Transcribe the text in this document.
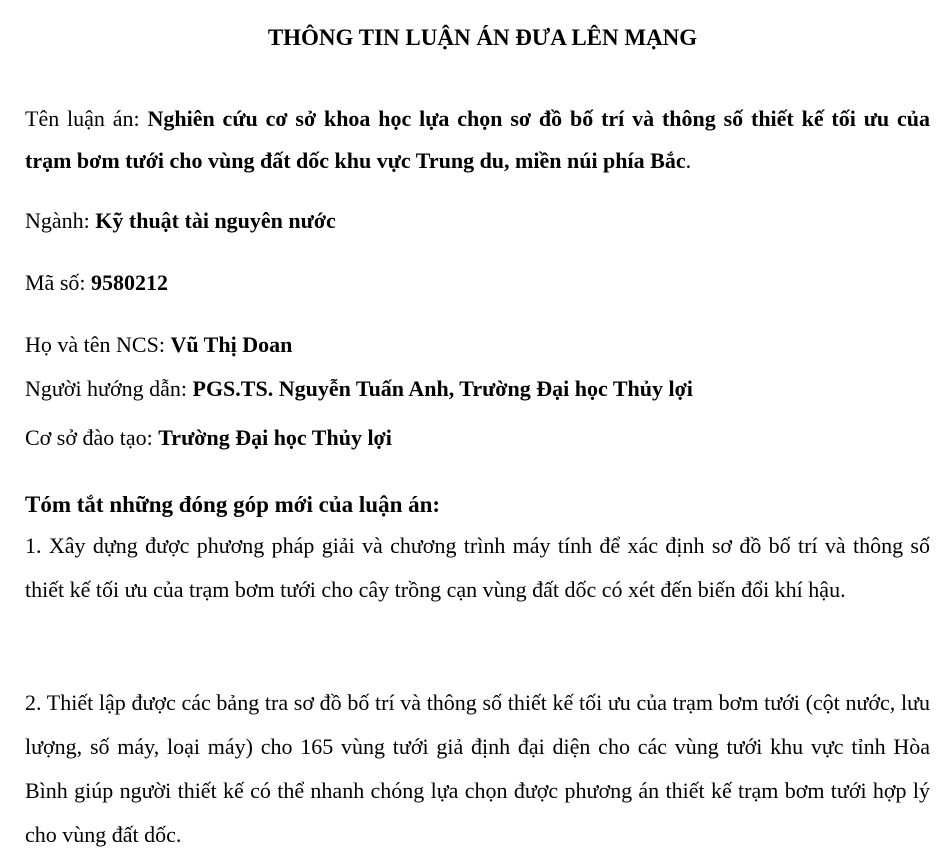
THÔNG TIN LUẬN ÁN ĐƯA LÊN MẠNG

Tên luận án: Nghiên cứu cơ sở khoa học lựa chọn sơ đồ bố trí và thông số thiết kế tối ưu của trạm bơm tưới cho vùng đất dốc khu vực Trung du, miền núi phía Bắc.

Ngành: Kỹ thuật tài nguyên nước

Mã số: 9580212

Họ và tên NCS: Vũ Thị Doan

Người hướng dẫn: PGS.TS. Nguyễn Tuấn Anh, Trường Đại học Thủy lợi

Cơ sở đào tạo: Trường Đại học Thủy lợi

Tóm tắt những đóng góp mới của luận án:

1. Xây dựng được phương pháp giải và chương trình máy tính để xác định sơ đồ bố trí và thông số thiết kế tối ưu của trạm bơm tưới cho cây trồng cạn vùng đất dốc có xét đến biến đổi khí hậu.

2. Thiết lập được các bảng tra sơ đồ bố trí và thông số thiết kế tối ưu của trạm bơm tưới (cột nước, lưu lượng, số máy, loại máy) cho 165 vùng tưới giả định đại diện cho các vùng tưới khu vực tỉnh Hòa Bình giúp người thiết kế có thể nhanh chóng lựa chọn được phương án thiết kế trạm bơm tưới hợp lý cho vùng đất dốc.
